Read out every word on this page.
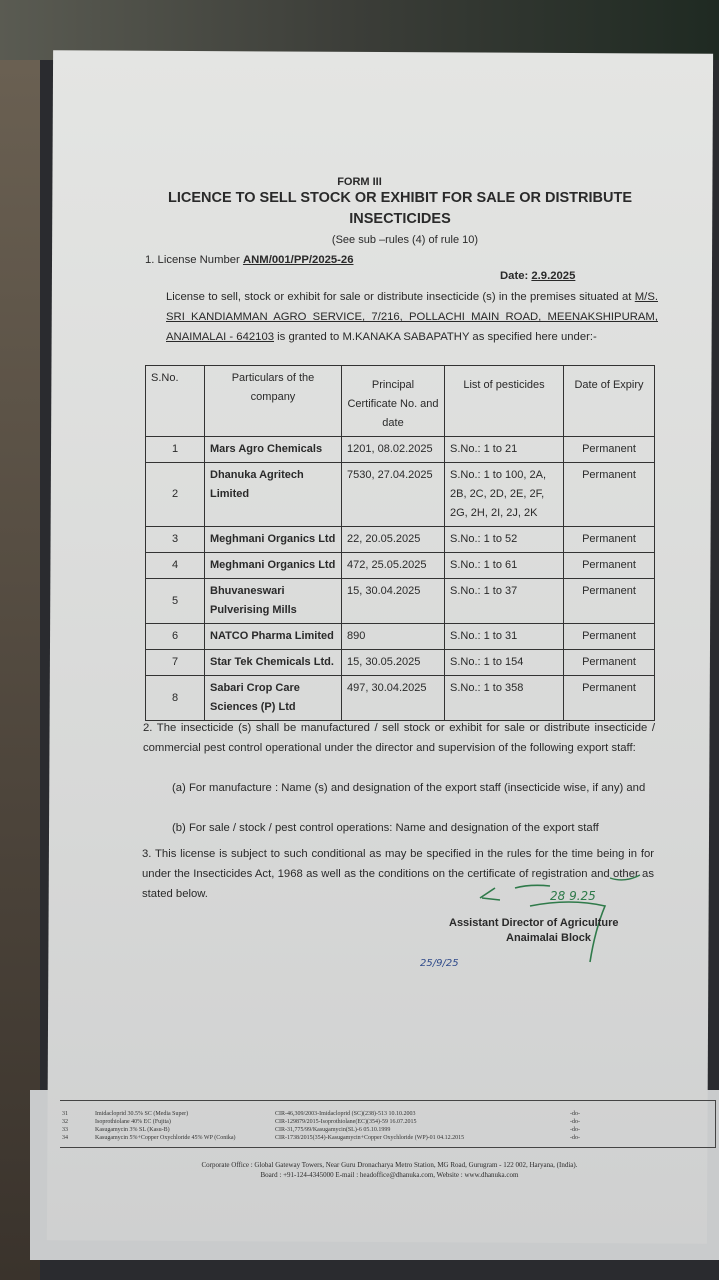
FORM III
LICENCE TO SELL STOCK OR EXHIBIT FOR SALE OR DISTRIBUTE INSECTICIDES
(See sub –rules (4) of rule 10)
1. License Number ANM/001/PP/2025-26
Date: 2.9.2025
License to sell, stock or exhibit for sale or distribute insecticide (s) in the premises situated at M/S. SRI KANDIAMMAN AGRO SERVICE, 7/216, POLLACHI MAIN ROAD, MEENAKSHIPURAM, ANAIMALAI - 642103 is granted to M.KANAKA SABAPATHY as specified here under:-
S.No.	Particulars of the company	Principal Certificate No. and date	List of pesticides	Date of Expiry
1	Mars Agro Chemicals	1201, 08.02.2025	S.No.: 1 to 21	Permanent
2	Dhanuka Agritech Limited	7530, 27.04.2025	S.No.: 1 to 100, 2A, 2B, 2C, 2D, 2E, 2F, 2G, 2H, 2I, 2J, 2K	Permanent
3	Meghmani Organics Ltd	22, 20.05.2025	S.No.: 1 to 52	Permanent
4	Meghmani Organics Ltd	472, 25.05.2025	S.No.: 1 to 61	Permanent
5	Bhuvaneswari Pulverising Mills	15, 30.04.2025	S.No.: 1 to 37	Permanent
6	NATCO Pharma Limited	890	S.No.: 1 to 31	Permanent
7	Star Tek Chemicals Ltd.	15, 30.05.2025	S.No.: 1 to 154	Permanent
8	Sabari Crop Care Sciences (P) Ltd	497, 30.04.2025	S.No.: 1 to 358	Permanent
2. The insecticide (s) shall be manufactured / sell stock or exhibit for sale or distribute insecticide / commercial pest control operational under the director and supervision of the following export staff:
(a) For manufacture : Name (s) and designation of the export staff (insecticide wise, if any) and
(b) For sale / stock / pest control operations: Name and designation of the export staff
3. This license is subject to such conditional as may be specified in the rules for the time being in for under the Insecticides Act, 1968 as well as the conditions on the certificate of registration and other as stated below.	28 9.25
25/9/25
Assistant Director of Agriculture
Anaimalai Block
31	Imidacloprid 30.5% SC (Media Super)	CIR-46,309/2003-Imidacloprid (SC)(238)-513 10.10.2003	-do-
32	Isoprothiolane 40% EC (Fujita)	CIR-129879/2015-Isoprothiolane(EC)(354)-59 16.07.2015	-do-
33	Kasugamycin 3% SL (Kasu-B)	CIR-31,775/99/Kasugamycin(SL)-6 05.10.1999	-do-
34	Kasugamycin 5%+Copper Oxychloride 45% WP (Conika)	CIR-1738/2015(354)-Kasugamycin+Copper Oxychloride (WP)-01 04.12.2015	-do-
Corporate Office : Global Gateway Towers, Near Guru Dronacharya Metro Station, MG Road, Gurugram - 122 002, Haryana, (India).
Board : +91-124-4345000 E-mail : headoffice@dhanuka.com, Website : www.dhanuka.com
